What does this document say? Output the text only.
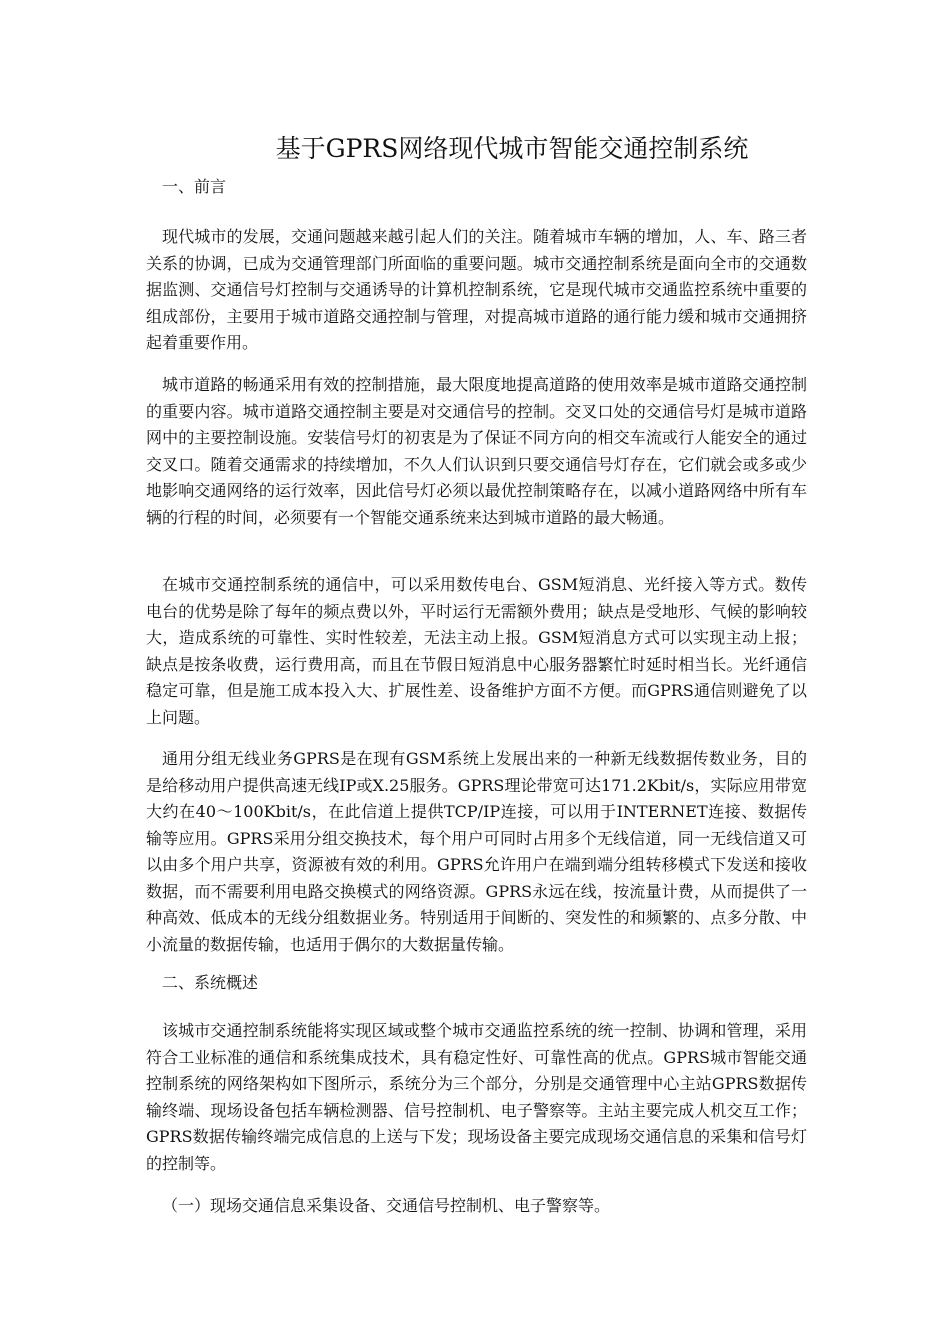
基于GPRS网络现代城市智能交通控制系统
一、前言

现代城市的发展，交通问题越来越引起人们的关注。随着城市车辆的增加，人、车、路三者关系的协调，已成为交通管理部门所面临的重要问题。城市交通控制系统是面向全市的交通数据监测、交通信号灯控制与交通诱导的计算机控制系统，它是现代城市交通监控系统中重要的组成部份，主要用于城市道路交通控制与管理，对提高城市道路的通行能力缓和城市交通拥挤起着重要作用。

城市道路的畅通采用有效的控制措施，最大限度地提高道路的使用效率是城市道路交通控制的重要内容。城市道路交通控制主要是对交通信号的控制。交叉口处的交通信号灯是城市道路网中的主要控制设施。安装信号灯的初衷是为了保证不同方向的相交车流或行人能安全的通过交叉口。随着交通需求的持续增加，不久人们认识到只要交通信号灯存在，它们就会或多或少地影响交通网络的运行效率，因此信号灯必须以最优控制策略存在，以减小道路网络中所有车辆的行程的时间，必须要有一个智能交通系统来达到城市道路的最大畅通。

在城市交通控制系统的通信中，可以采用数传电台、GSM短消息、光纤接入等方式。数传电台的优势是除了每年的频点费以外，平时运行无需额外费用；缺点是受地形、气候的影响较大，造成系统的可靠性、实时性较差，无法主动上报。GSM短消息方式可以实现主动上报；缺点是按条收费，运行费用高，而且在节假日短消息中心服务器繁忙时延时相当长。光纤通信稳定可靠，但是施工成本投入大、扩展性差、设备维护方面不方便。而GPRS通信则避免了以上问题。

通用分组无线业务GPRS是在现有GSM系统上发展出来的一种新无线数据传数业务，目的是给移动用户提供高速无线IP或X.25服务。GPRS理论带宽可达171.2Kbit/s，实际应用带宽大约在40～100Kbit/s，在此信道上提供TCP/IP连接，可以用于INTERNET连接、数据传输等应用。GPRS采用分组交换技术，每个用户可同时占用多个无线信道，同一无线信道又可以由多个用户共享，资源被有效的利用。GPRS允许用户在端到端分组转移模式下发送和接收数据，而不需要利用电路交换模式的网络资源。GPRS永远在线，按流量计费，从而提供了一种高效、低成本的无线分组数据业务。特别适用于间断的、突发性的和频繁的、点多分散、中小流量的数据传输，也适用于偶尔的大数据量传输。

二、系统概述

该城市交通控制系统能将实现区域或整个城市交通监控系统的统一控制、协调和管理，采用符合工业标准的通信和系统集成技术，具有稳定性好、可靠性高的优点。GPRS城市智能交通控制系统的网络架构如下图所示，系统分为三个部分，分别是交通管理中心主站GPRS数据传输终端、现场设备包括车辆检测器、信号控制机、电子警察等。主站主要完成人机交互工作；GPRS数据传输终端完成信息的上送与下发；现场设备主要完成现场交通信息的采集和信号灯的控制等。

（一）现场交通信息采集设备、交通信号控制机、电子警察等。
